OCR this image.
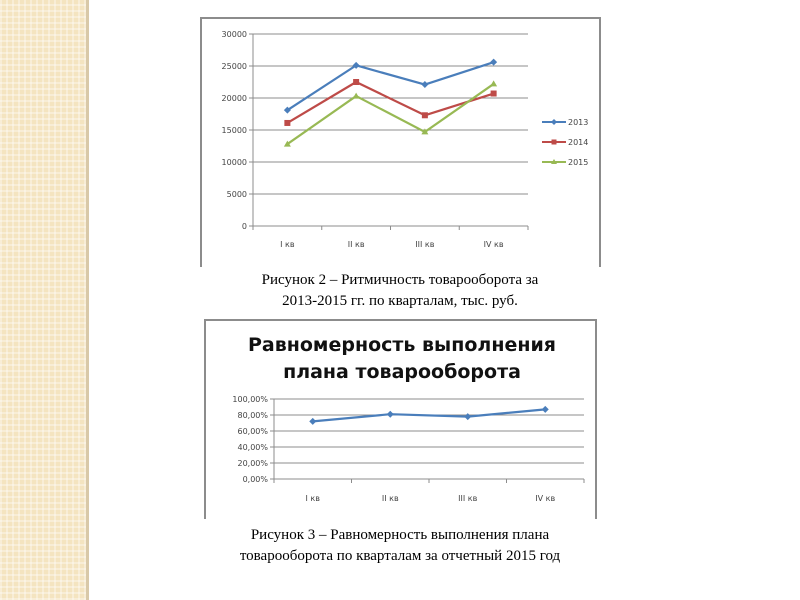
0
5000
10000
15000
20000
25000
30000
I кв	II кв	III кв	IV кв
2013
2014
2015
Рисунок 2 – Ритмичность товарооборота за
2013-2015 гг. по кварталам, тыс. руб.
Равномерность выполнения
плана товарооборота
0,00%
20,00%
40,00%
60,00%
80,00%
100,00%
I кв	II кв	III кв	IV кв
Рисунок 3 – Равномерность выполнения плана
товарооборота по кварталам за отчетный 2015 год
